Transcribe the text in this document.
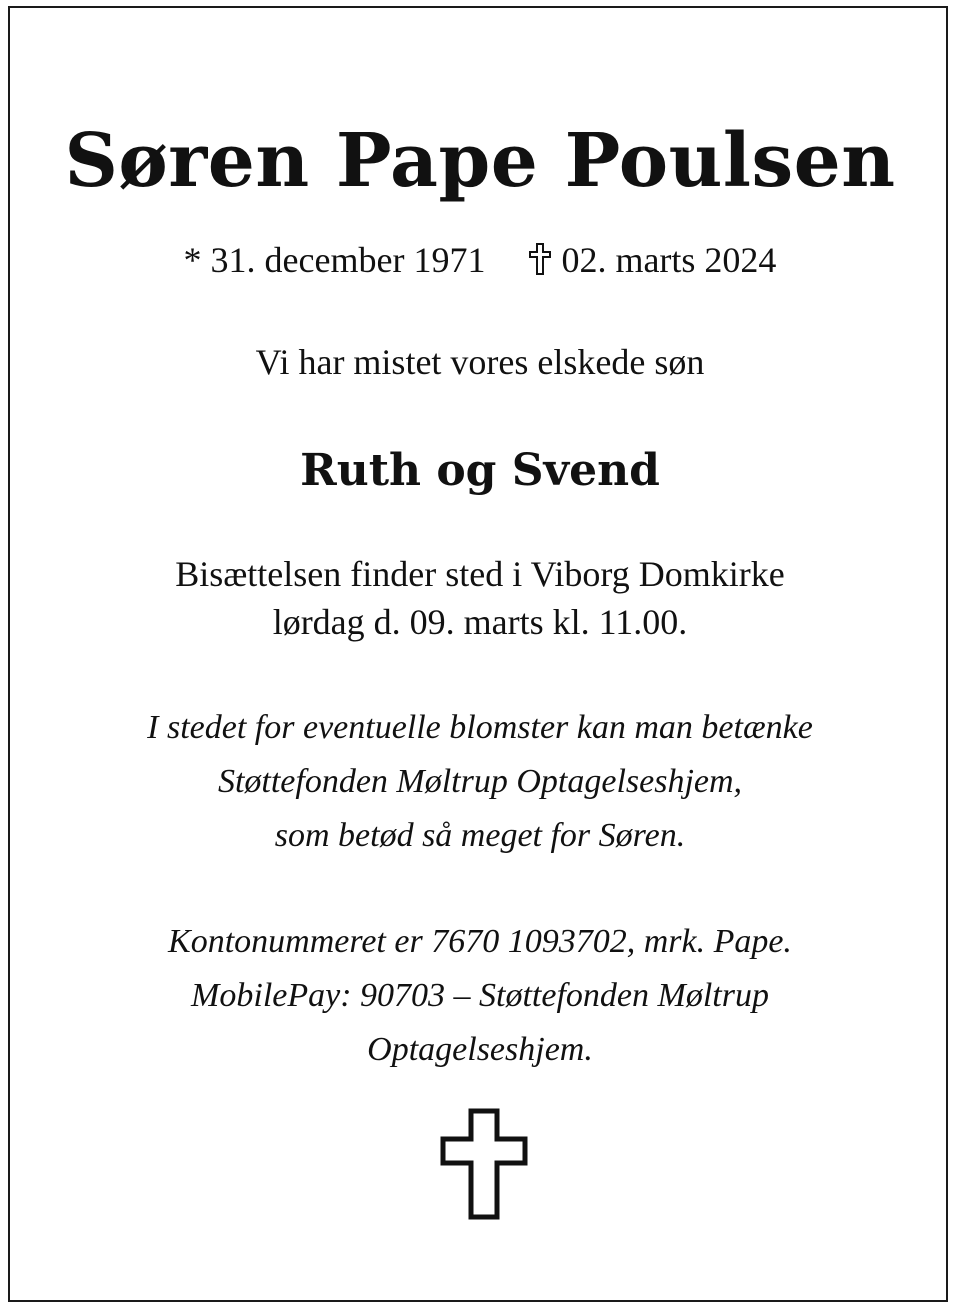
Søren Pape Poulsen
* 31. december 1971 02. marts 2024
Vi har mistet vores elskede søn
Ruth og Svend
Bisættelsen finder sted i Viborg Domkirke
lørdag d. 09. marts kl. 11.00.
I stedet for eventuelle blomster kan man betænke
Støttefonden Møltrup Optagelseshjem,
som betød så meget for Søren.
Kontonummeret er 7670 1093702, mrk. Pape.
MobilePay: 90703 – Støttefonden Møltrup
Optagelseshjem.
